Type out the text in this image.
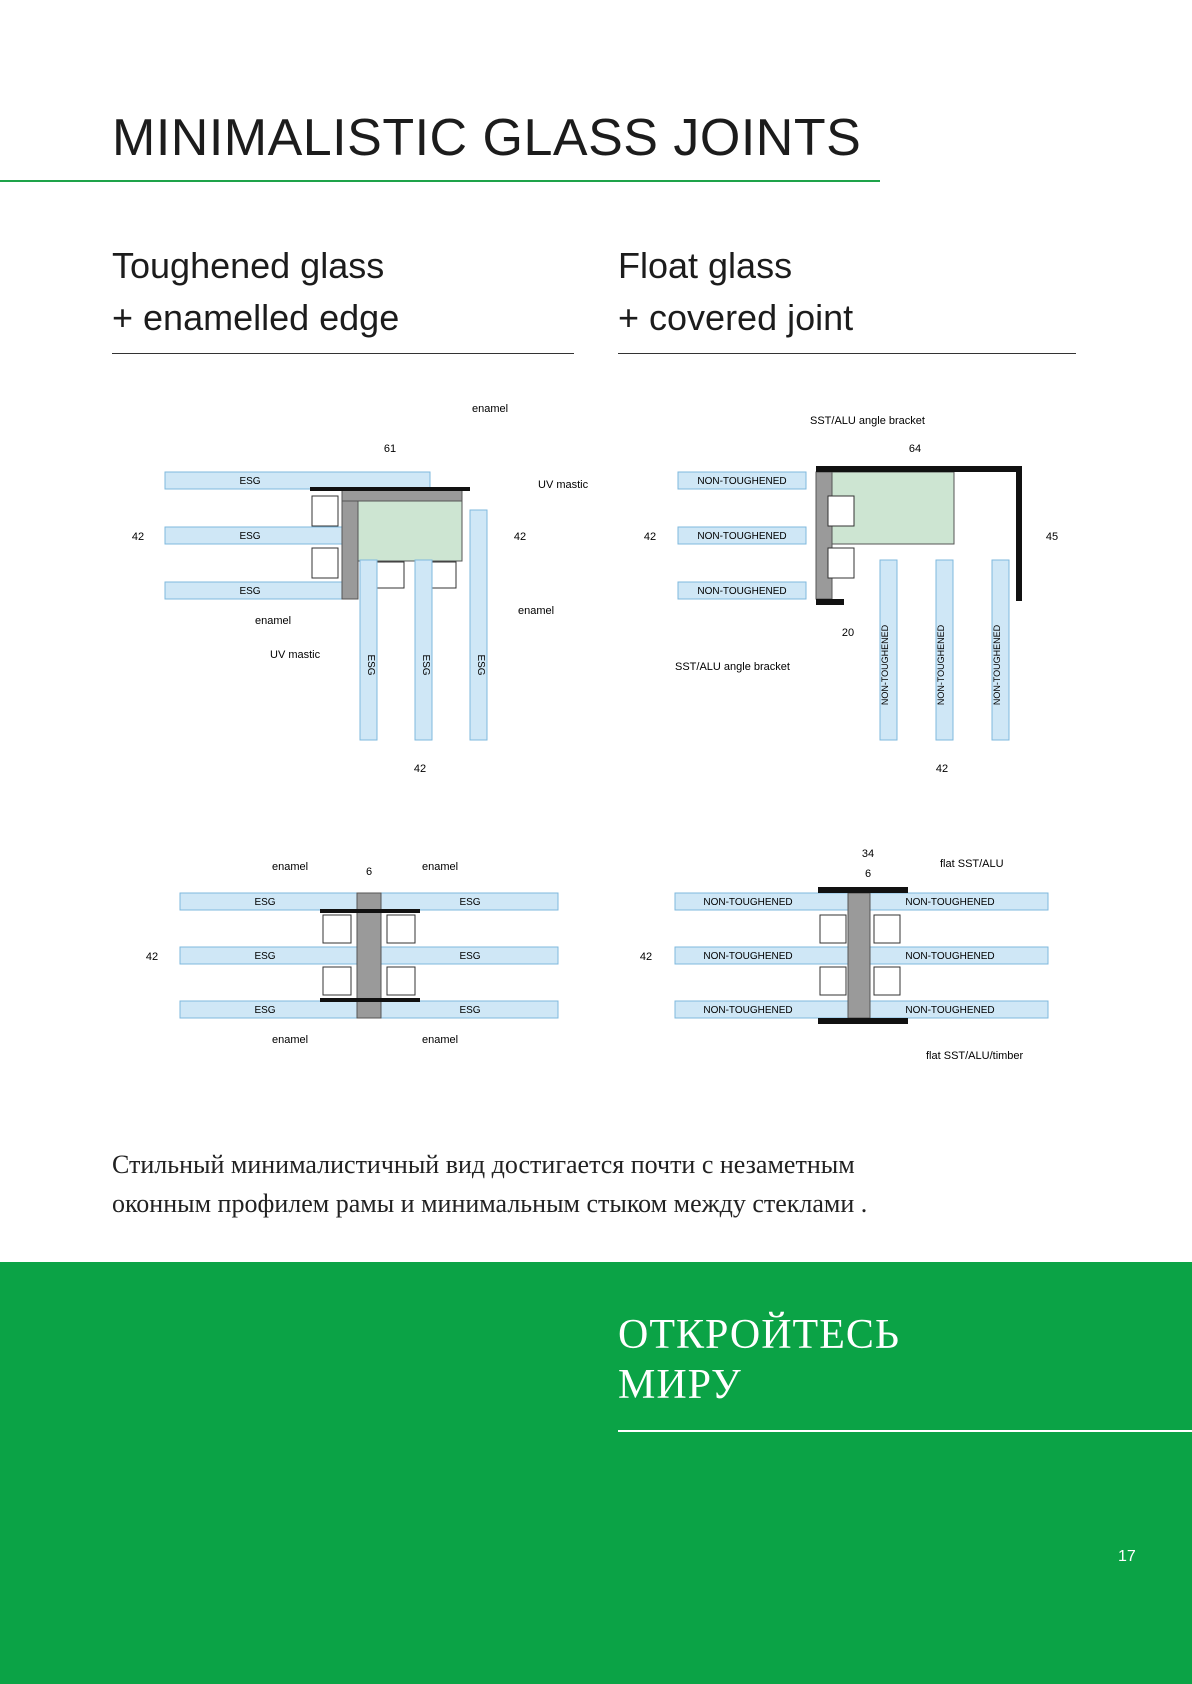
MINIMALISTIC GLASS JOINTS
Toughened glass
+ enamelled edge
Float glass
+ covered joint
ESG
ESG
ESG
ESG	ESG	ESG
enamel
UV mastic
enamel
UV mastic
enamel
61
42
42	42
NON-TOUGHENED
NON-TOUGHENED
NON-TOUGHENED
NON-TOUGHENED	NON-TOUGHENED	NON-TOUGHENED
SST/ALU angle bracket
SST/ALU angle bracket
64
45
20
42
42
ESG
ESG
ESG
ESG
ESG
ESG
enamel	enamel
enamel	enamel
6
42
NON-TOUGHENED
NON-TOUGHENED
NON-TOUGHENED
NON-TOUGHENED
NON-TOUGHENED
NON-TOUGHENED
flat SST/ALU
flat SST/ALU/timber
34
6
42
Стильный минималистичный вид достигается почти с незаметным
оконным профилем рамы и минимальным стыком между стеклами .
ОТКРОЙТЕСЬ
МИРУ
17
